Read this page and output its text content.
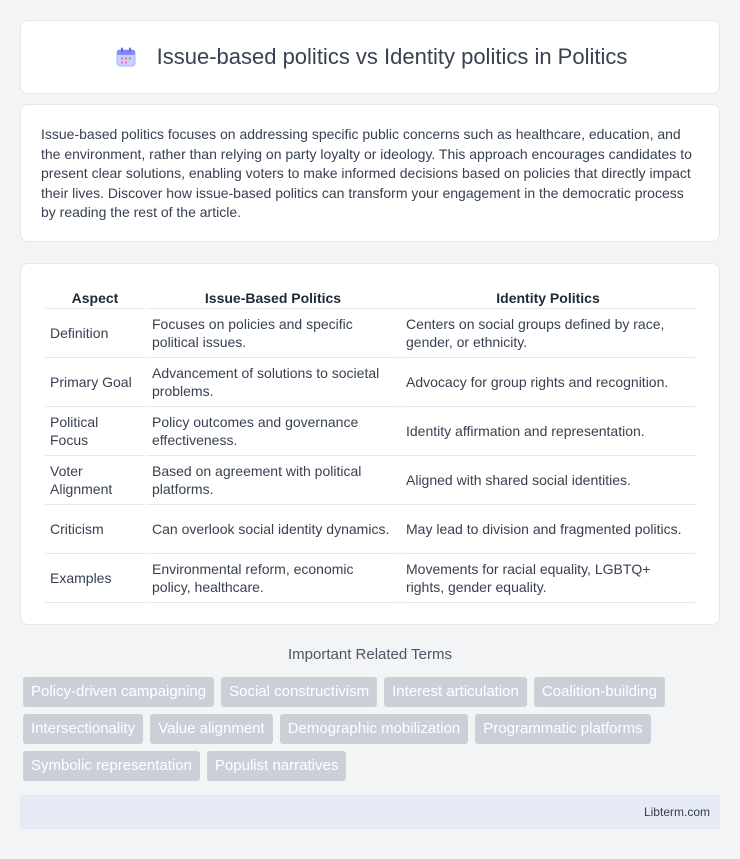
Issue-based politics vs Identity politics in Politics

Issue-based politics focuses on addressing specific public concerns such as healthcare, education, and the environment, rather than relying on party loyalty or ideology. This approach encourages candidates to present clear solutions, enabling voters to make informed decisions based on policies that directly impact their lives. Discover how issue-based politics can transform your engagement in the democratic process by reading the rest of the article.

Aspect	Issue-Based Politics	Identity Politics
Definition	Focuses on policies and specific political issues.	Centers on social groups defined by race, gender, or ethnicity.
Primary Goal	Advancement of solutions to societal problems.	Advocacy for group rights and recognition.
Political Focus	Policy outcomes and governance effectiveness.	Identity affirmation and representation.
Voter Alignment	Based on agreement with political platforms.	Aligned with shared social identities.
Criticism	Can overlook social identity dynamics.	May lead to division and fragmented politics.
Examples	Environmental reform, economic policy, healthcare.	Movements for racial equality, LGBTQ+ rights, gender equality.
Important Related Terms
Policy-driven campaigning	Social constructivism	Interest articulation	Coalition-building
Intersectionality	Value alignment	Demographic mobilization	Programmatic platforms
Symbolic representation	Populist narratives
Libterm.com
